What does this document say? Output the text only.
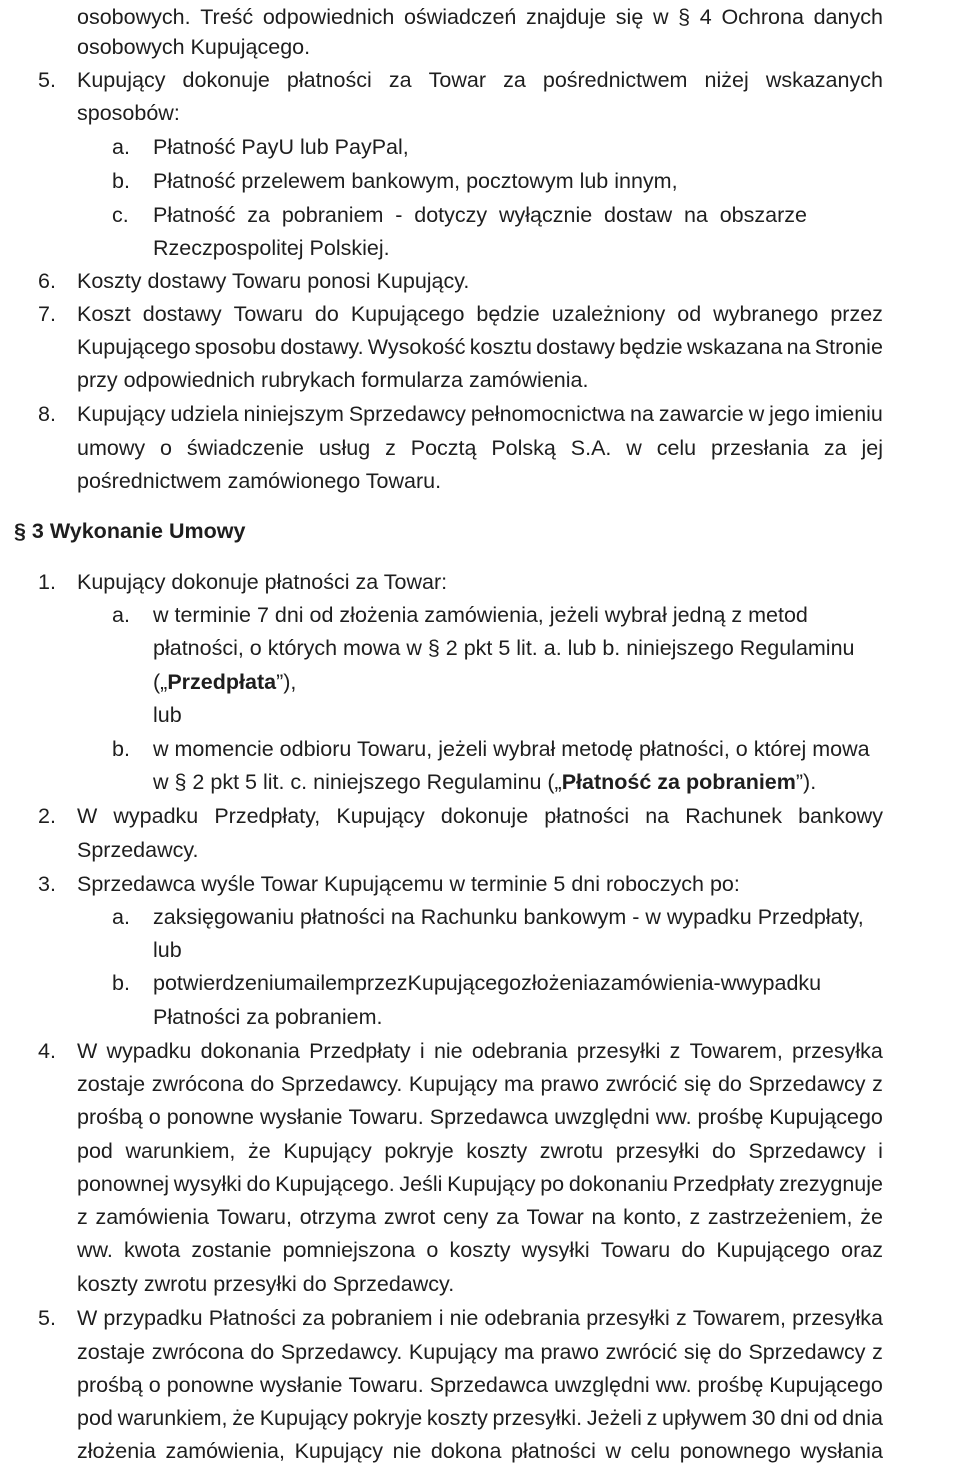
§ 3 Wykonanie Umowy
osobowych. Treść odpowiednich oświadczeń znajduje się w § 4 Ochrona danych
osobowych Kupującego.
5. Kupujący dokonuje płatności za Towar za pośrednictwem niżej wskazanych
sposobów:
a. Płatność PayU lub PayPal,
b. Płatność przelewem bankowym, pocztowym lub innym,
c. Płatność za pobraniem - dotyczy wyłącznie dostaw na obszarze
Rzeczpospolitej Polskiej.
6. Koszty dostawy Towaru ponosi Kupujący.
7. Koszt dostawy Towaru do Kupującego będzie uzależniony od wybranego przez
Kupującego sposobu dostawy. Wysokość kosztu dostawy będzie wskazana na Stronie
przy odpowiednich rubrykach formularza zamówienia.
8. Kupujący udziela niniejszym Sprzedawcy pełnomocnictwa na zawarcie w jego imieniu
umowy o świadczenie usług z Pocztą Polską S.A. w celu przesłania za jej
pośrednictwem zamówionego Towaru.
1. Kupujący dokonuje płatności za Towar:
a. w terminie 7 dni od złożenia zamówienia, jeżeli wybrał jedną z metod
płatności, o których mowa w § 2 pkt 5 lit. a. lub b. niniejszego Regulaminu
(„Przedpłata”),
lub
b. w momencie odbioru Towaru, jeżeli wybrał metodę płatności, o której mowa
w § 2 pkt 5 lit. c. niniejszego Regulaminu („Płatność za pobraniem”).
2. W wypadku Przedpłaty, Kupujący dokonuje płatności na Rachunek bankowy
Sprzedawcy.
3. Sprzedawca wyśle Towar Kupującemu w terminie 5 dni roboczych po:
a. zaksięgowaniu płatności na Rachunku bankowym - w wypadku Przedpłaty,
lub
b. potwierdzeniu mailem przez Kupującego złożenia zamówienia - w wypadku
Płatności za pobraniem.
4. W wypadku dokonania Przedpłaty i nie odebrania przesyłki z Towarem, przesyłka
zostaje zwrócona do Sprzedawcy. Kupujący ma prawo zwrócić się do Sprzedawcy z
prośbą o ponowne wysłanie Towaru. Sprzedawca uwzględni ww. prośbę Kupującego
pod warunkiem, że Kupujący pokryje koszty zwrotu przesyłki do Sprzedawcy i
ponownej wysyłki do Kupującego. Jeśli Kupujący po dokonaniu Przedpłaty zrezygnuje
z zamówienia Towaru, otrzyma zwrot ceny za Towar na konto, z zastrzeżeniem, że
ww. kwota zostanie pomniejszona o koszty wysyłki Towaru do Kupującego oraz
koszty zwrotu przesyłki do Sprzedawcy.
5. W przypadku Płatności za pobraniem i nie odebrania przesyłki z Towarem, przesyłka
zostaje zwrócona do Sprzedawcy. Kupujący ma prawo zwrócić się do Sprzedawcy z
prośbą o ponowne wysłanie Towaru. Sprzedawca uwzględni ww. prośbę Kupującego
pod warunkiem, że Kupujący pokryje koszty przesyłki. Jeżeli z upływem 30 dni od dnia
złożenia zamówienia, Kupujący nie dokona płatności w celu ponownego wysłania
